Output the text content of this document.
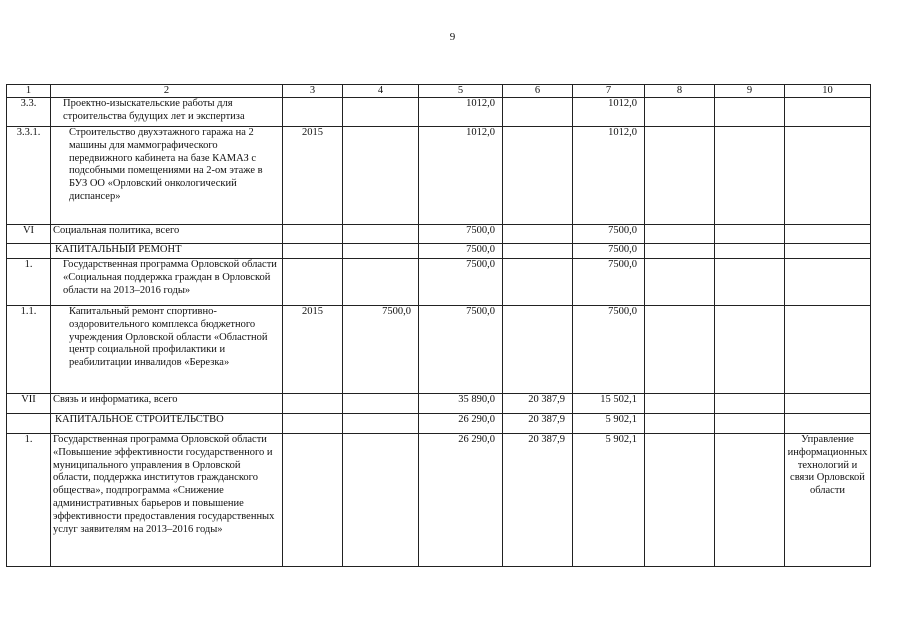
9
1	2	3	4	5	6	7	8	9	10
3.3.	Проектно-изыскательские работы для строительства будущих лет и экспертиза			1012,0		1012,0			
3.3.1.	Строительство двухэтажного гаража на 2 машины для маммографического передвижного кабинета на базе КАМАЗ с подсобными помещениями на 2-ом этаже в БУЗ ОО «Орловский онкологический диспансер»	2015		1012,0		1012,0			
VI	Социальная политика, всего			7500,0		7500,0			
	КАПИТАЛЬНЫЙ РЕМОНТ			7500,0		7500,0			
1.	Государственная программа Орловской области «Социальная поддержка граждан в Орловской области на 2013–2016 годы»			7500,0		7500,0			
1.1.	Капитальный ремонт спортивно-оздоровительного комплекса бюджетного учреждения Орловской области «Областной центр социальной профилактики и реабилитации инвалидов «Березка»	2015	7500,0	7500,0		7500,0			
VII	Связь и информатика, всего			35 890,0	20 387,9	15 502,1			
	КАПИТАЛЬНОЕ СТРОИТЕЛЬСТВО			26 290,0	20 387,9	5 902,1			
1.	Государственная программа Орловской области «Повышение эффективности государственного и муниципального управления в Орловской области, поддержка институтов гражданского общества», подпрограмма «Снижение административных барьеров и повышение эффективности предоставления государственных услуг заявителям на 2013–2016 годы»			26 290,0	20 387,9	5 902,1			Управление информационных технологий и связи Орловской области
